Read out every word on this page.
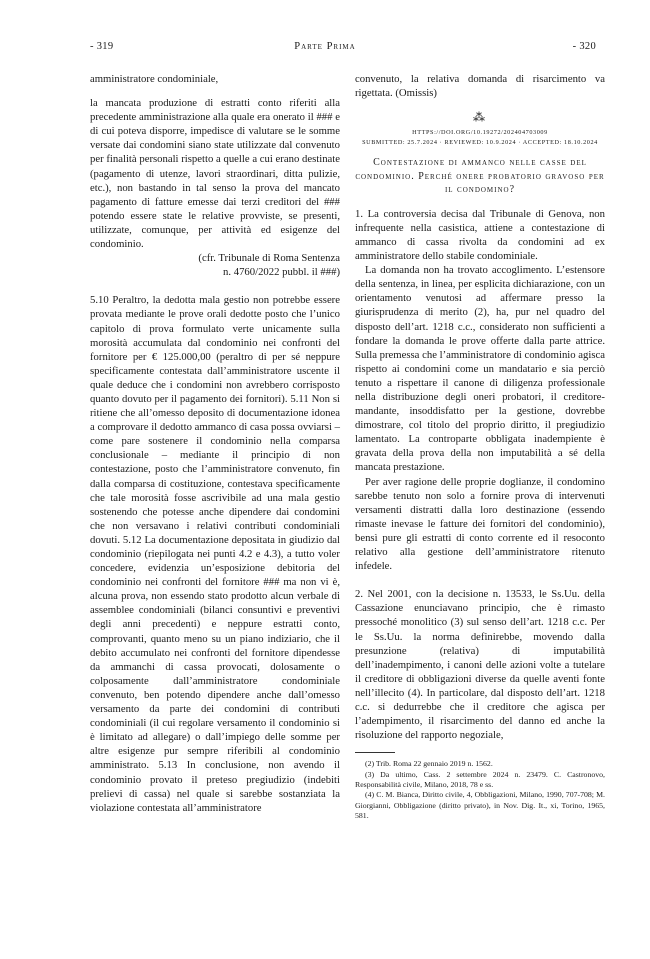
- 319	Parte Prima	- 320

amministratore condominiale,

la mancata produzione di estratti conto riferiti alla precedente amministrazione alla quale era onerato il ### e di cui poteva disporre, impedisce di valutare se le somme versate dai condomini siano state utilizzate dal convenuto per finalità personali rispetto a quelle a cui erano destinate (pagamento di utenze, lavori straordinari, ditta pulizie, etc.), non bastando in tal senso la prova del mancato pagamento di fatture emesse dai terzi creditori del ### potendo essere state le relative provviste, se presenti, utilizzate, comunque, per attività ed esigenze del condominio.

(cfr. Tribunale di Roma Sentenza

n. 4760/2022 pubbl. il ###)

5.10 Peraltro, la dedotta mala gestio non potrebbe essere provata mediante le prove orali dedotte posto che l’unico capitolo di prova formulato verte unicamente sulla morosità accumulata dal condominio nei confronti del fornitore per € 125.000,00 (peraltro di per sé neppure specificamente contestata dall’amministratore uscente il quale deduce che i condomini non avrebbero corrisposto quanto dovuto per il pagamento dei fornitori). 5.11 Non si ritiene che all’omesso deposito di documentazione idonea a comprovare il dedotto ammanco di casa possa ovviarsi – come pare sostenere il condominio nella comparsa conclusionale – mediante il principio di non contestazione, posto che l’amministratore convenuto, fin dalla comparsa di costituzione, contestava specificamente che tale morosità fosse ascrivibile ad una mala gestio sostenendo che potesse anche dipendere dai condomini che non versavano i relativi contributi condominiali dovuti. 5.12 La documentazione depositata in giudizio dal condominio (riepilogata nei punti 4.2 e 4.3), a tutto voler concedere, evidenzia un’esposizione debitoria del condominio nei confronti del fornitore ### ma non vi è, alcuna prova, non essendo stato prodotto alcun verbale di assemblee condominiali (bilanci consuntivi e preventivi degli anni precedenti) e neppure estratti conto, comprovanti, quanto meno su un piano indiziario, che il debito accumulato nei confronti del fornitore dipendesse da ammanchi di cassa provocati, dolosamente o colposamente dall’amministratore condominiale convenuto, ben potendo dipendere anche dall’omesso versamento da parte dei condomini di contributi condominiali (il cui regolare versamento il condominio si è limitato ad allegare) o dall’impiego delle somme per altre esigenze pur sempre riferibili al condominio amministrato. 5.13 In conclusione, non avendo il condominio provato il preteso pregiudizio (indebiti prelievi di cassa) nel quale si sarebbe sostanziata la violazione contestata all’amministratore

convenuto, la relativa domanda di risarcimento va rigettata. (Omissis)

⁂

HTTPS://DOI.ORG/10.19272/202404703009

SUBMITTED: 25.7.2024 · REVIEWED: 10.9.2024 · ACCEPTED: 18.10.2024

Contestazione di ammanco nelle casse del condominio. Perché onere probatorio gravoso per il condomino?

1. La controversia decisa dal Tribunale di Genova, non infrequente nella casistica, attiene a contestazione di ammanco di cassa rivolta da condomini ad ex amministratore dello stabile condominiale.

La domanda non ha trovato accoglimento. L’estensore della sentenza, in linea, per esplicita dichiarazione, con un orientamento venutosi ad affermare presso la giurisprudenza di merito (2), ha, pur nel quadro del disposto dell’art. 1218 c.c., considerato non sufficienti a fondare la domanda le prove offerte dalla parte attrice. Sulla premessa che l’amministratore di condominio agisca rispetto ai condomini come un mandatario e sia perciò tenuto a rispettare il canone di diligenza professionale nella distribuzione degli oneri probatori, il creditore-mandante, insoddisfatto per la gestione, dovrebbe dimostrare, col titolo del proprio diritto, il pregiudizio lamentato. La controparte obbligata inadempiente è gravata della prova della non imputabilità a sé della mancata prestazione.

Per aver ragione delle proprie doglianze, il condomino sarebbe tenuto non solo a fornire prova di intervenuti versamenti distratti dalla loro destinazione (essendo rimaste inevase le fatture dei fornitori del condominio), bensì pure gli estratti di conto corrente ed il resoconto relativo alla gestione dell’amministratore ritenuto infedele.

2. Nel 2001, con la decisione n. 13533, le Ss.Uu. della Cassazione enunciavano principio, che è rimasto pressoché monolitico (3) sul senso dell’art. 1218 c.c. Per le Ss.Uu. la norma definirebbe, movendo dalla presunzione (relativa) di imputabilità dell’inadempimento, i canoni delle azioni volte a tutelare il creditore di obbligazioni diverse da quelle aventi fonte nell’illecito (4). In particolare, dal disposto dell’art. 1218 c.c. si dedurrebbe che il creditore che agisca per l’adempimento, il risarcimento del danno ed anche la risoluzione del rapporto negoziale,

(2) Trib. Roma 22 gennaio 2019 n. 1562.

(3) Da ultimo, Cass. 2 settembre 2024 n. 23479. C. Castronovo, Responsabilità civile, Milano, 2018, 78 e ss.

(4) C. M. Bianca, Diritto civile, 4, Obbligazioni, Milano, 1990, 707-708; M. Giorgianni, Obbligazione (diritto privato), in Nov. Dig. It., xi, Torino, 1965, 581.
